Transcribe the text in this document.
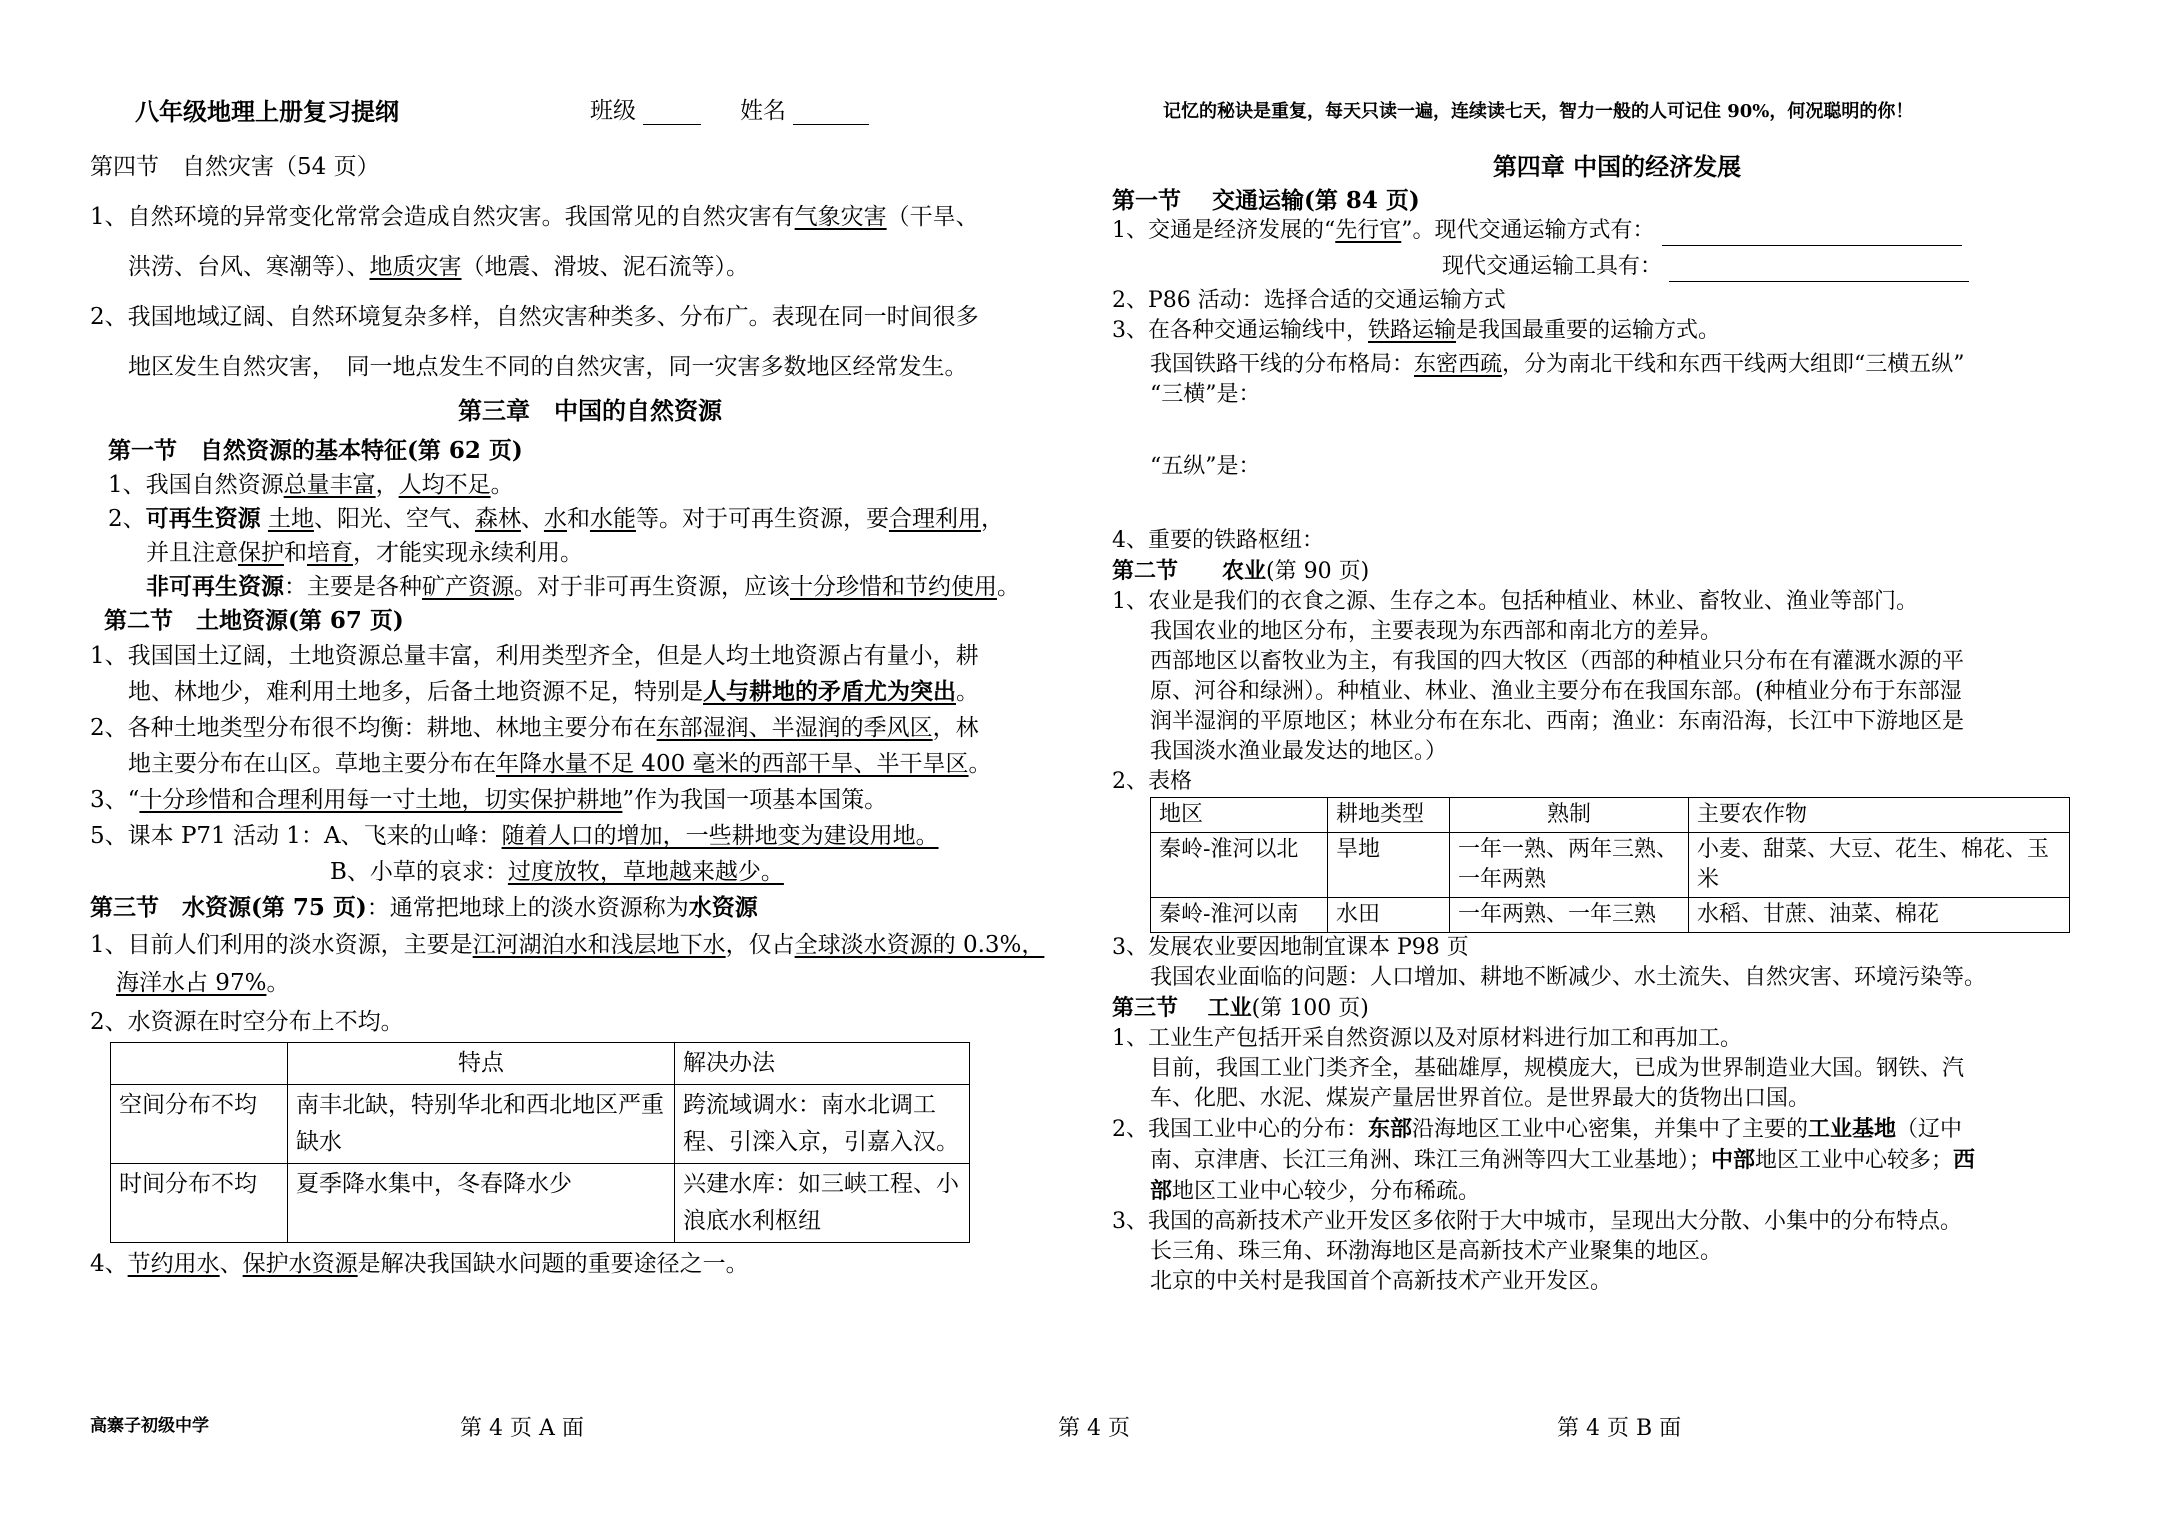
八年级地理上册复习提纲	班级	姓名	记忆的秘诀是重复，每天只读一遍，连续读七天，智力一般的人可记住 90%，何况聪明的你！

第四节　自然灾害（54 页）

1、自然环境的异常变化常常会造成自然灾害。我国常见的自然灾害有气象灾害（干旱、
洪涝、台风、寒潮等）、地质灾害（地震、滑坡、泥石流等）。

2、我国地域辽阔、自然环境复杂多样，自然灾害种类多、分布广。表现在同一时间很多
地区发生自然灾害，　同一地点发生不同的自然灾害，同一灾害多数地区经常发生。

第三章　中国的自然资源

第一节　自然资源的基本特征(第 62 页)

1、我国自然资源总量丰富，人均不足。

2、可再生资源 土地、阳光、空气、森林、水和水能等。对于可再生资源，要合理利用，

并且注意保护和培育，才能实现永续利用。

非可再生资源：主要是各种矿产资源。对于非可再生资源，应该十分珍惜和节约使用。

第二节　土地资源(第 67 页)

1、我国国土辽阔，土地资源总量丰富，利用类型齐全，但是人均土地资源占有量小，耕
地、林地少，难利用土地多，后备土地资源不足，特别是人与耕地的矛盾尤为突出。

2、各种土地类型分布很不均衡：耕地、林地主要分布在东部湿润、半湿润的季风区，林
地主要分布在山区。草地主要分布在年降水量不足 400 毫米的西部干旱、半干旱区。

3、“十分珍惜和合理利用每一寸土地，切实保护耕地”作为我国一项基本国策。

5、课本 P71 活动 1：A、飞来的山峰：随着人口的增加，一些耕地变为建设用地。
B、小草的哀求：过度放牧，草地越来越少。

第三节　水资源(第 75 页)：通常把地球上的淡水资源称为水资源

1、目前人们利用的淡水资源，主要是江河湖泊水和浅层地下水，仅占全球淡水资源的 0.3%，
海洋水占 97%。

2、水资源在时空分布上不均。

	特点	解决办法
空间分布不均	南丰北缺，特别华北和西北地区严重缺水	跨流域调水：南水北调工程、引滦入京，引嘉入汉。
时间分布不均	夏季降水集中，冬春降水少	兴建水库：如三峡工程、小浪底水利枢纽

4、节约用水、保护水资源是解决我国缺水问题的重要途径之一。

第四章 中国的经济发展

第一节　 交通运输(第 84 页)

1、交通是经济发展的“先行官”。现代交通运输方式有：

现代交通运输工具有：

2、P86 活动：选择合适的交通运输方式

3、在各种交通运输线中，铁路运输是我国最重要的运输方式。

我国铁路干线的分布格局：东密西疏，分为南北干线和东西干线两大组即“三横五纵”

“三横”是：

“五纵”是：

4、重要的铁路枢纽：

第二节　　农业(第 90 页)

1、农业是我们的衣食之源、生存之本。包括种植业、林业、畜牧业、渔业等部门。

我国农业的地区分布，主要表现为东西部和南北方的差异。

西部地区以畜牧业为主，有我国的四大牧区（西部的种植业只分布在有灌溉水源的平
原、河谷和绿洲）。种植业、林业、渔业主要分布在我国东部。(种植业分布于东部湿
润半湿润的平原地区；林业分布在东北、西南；渔业：东南沿海，长江中下游地区是
我国淡水渔业最发达的地区。）

2、表格

地区	耕地类型	熟制	主要农作物
秦岭-淮河以北	旱地	一年一熟、两年三熟、一年两熟	小麦、甜菜、大豆、花生、棉花、玉米
秦岭-淮河以南	水田	一年两熟、一年三熟	水稻、甘蔗、油菜、棉花

3、发展农业要因地制宜课本 P98 页

我国农业面临的问题：人口增加、耕地不断减少、水土流失、自然灾害、环境污染等。

第三节　 工业(第 100 页)

1、工业生产包括开采自然资源以及对原材料进行加工和再加工。

目前，我国工业门类齐全，基础雄厚，规模庞大，已成为世界制造业大国。钢铁、汽
车、化肥、水泥、煤炭产量居世界首位。是世界最大的货物出口国。

2、我国工业中心的分布：东部沿海地区工业中心密集，并集中了主要的工业基地（辽中
南、京津唐、长江三角洲、珠江三角洲等四大工业基地）；中部地区工业中心较多；西
部地区工业中心较少，分布稀疏。

3、我国的高新技术产业开发区多依附于大中城市，呈现出大分散、小集中的分布特点。

长三角、珠三角、环渤海地区是高新技术产业聚集的地区。
北京的中关村是我国首个高新技术产业开发区。

高寨子初级中学	第 4 页 A 面	第 4 页	第 4 页 B 面
